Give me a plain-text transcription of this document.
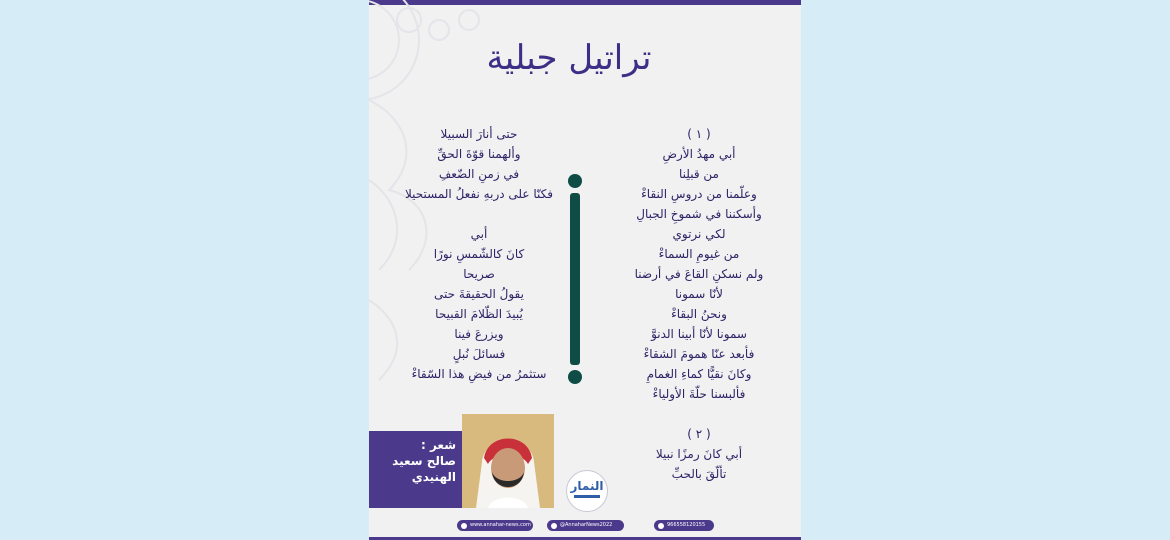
تراتيل جبلية
( ١ )
أبي مهدُ الأرضِ
من قبلِنا
وعلّمنا من دروسِ النقاءْ
وأسكننا في شموخِ الجبالِ
لكي نرتوي
من غيومِ السماءْ
ولم نسكنِ القاعَ في أرضنا
لأنّا سمونا
ونحنُ البقاءْ
سمونا لأنّا أبينا الدنوَّ
فأبعد عنّا همومَ الشقاءْ
وكانَ نقيًّا كماءِ الغمامِ
فألبسنا حلّةَ الأولياءْ
( ٢ )
أبي كانَ رمزًا نبيلا
تألّقَ بالحبِّ
حتى أنارَ السبيلا
وألهمنا قوّةَ الحقِّ
في زمنِ الضّعفِ
فكنّا على دربهِ نفعلُ المستحيلا
أبي
كانَ كالشّمسِ نورًا
صريحا
يقولُ الحقيقةَ حتى
يُبيدَ الظّلامَ القبيحا
ويزرعَ فينا
فسائلَ نُبلٍ
ستثمرُ من فيضِ هذا السّقاءْ
شعر :
صالح سعيد
الهنيدي
النمار
www.annahar-news.com	@AnnaharNews2022	966558120155
